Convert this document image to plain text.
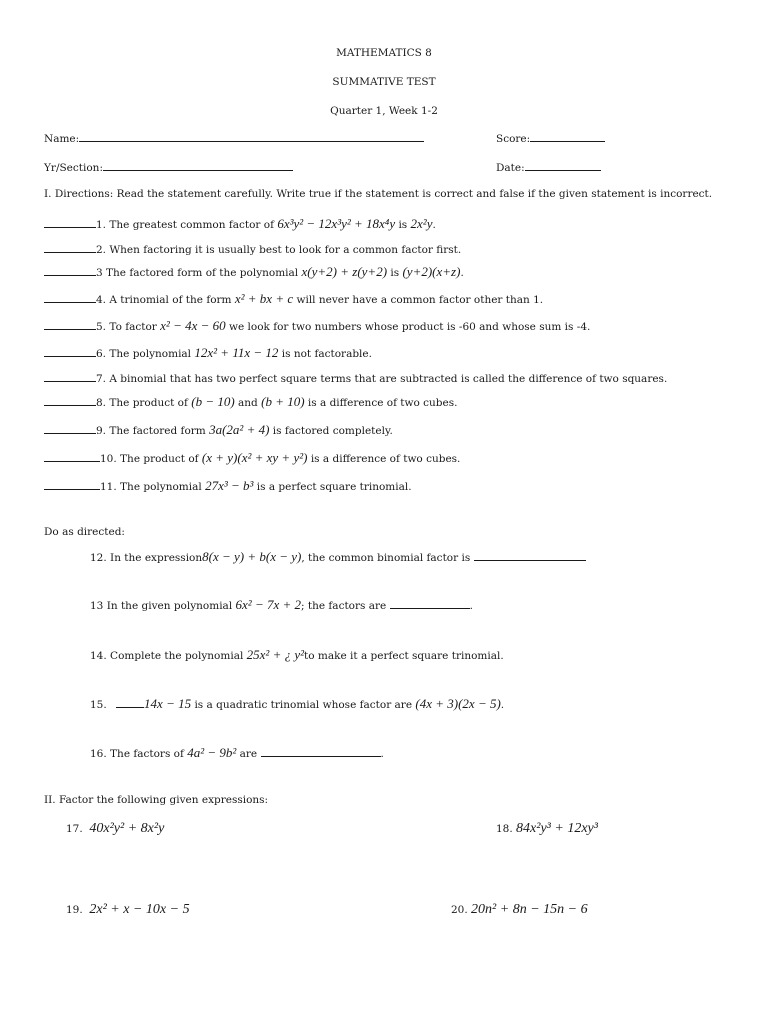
MATHEMATICS 8
SUMMATIVE TEST
Quarter 1, Week 1-2
Name:	Score:
Yr/Section:	Date:
I. Directions: Read the statement carefully. Write true if the statement is correct and false if the given statement is incorrect.
1. The greatest common factor of 6x³y² − 12x³y² + 18x⁴y is 2x²y.
2. When factoring it is usually best to look for a common factor first.
3 The factored form of the polynomial x(y+2) + z(y+2) is (y+2)(x+z).
4. A trinomial of the form x² + bx + c will never have a common factor other than 1.
5. To factor x² − 4x − 60 we look for two numbers whose product is -60 and whose sum is -4.
6. The polynomial 12x² + 11x − 12 is not factorable.
7. A binomial that has two perfect square terms that are subtracted is called the difference of two squares.
8. The product of (b − 10) and (b + 10) is a difference of two cubes.
9. The factored form 3a(2a² + 4) is factored completely.
10. The product of (x + y)(x² + xy + y²) is a difference of two cubes.
11. The polynomial 27x³ − b³ is a perfect square trinomial.
Do as directed:
12. In the expression8(x − y) + b(x − y), the common binomial factor is
13 In the given polynomial 6x² − 7x + 2; the factors are	.
14. Complete the polynomial 25x² + ¿ y²to make it a perfect square trinomial.
15.	14x − 15 is a quadratic trinomial whose factor are (4x + 3)(2x − 5).
16. The factors of 4a² − 9b² are	.
II. Factor the following given expressions:
17. 40x²y² + 8x²y	18. 84x²y³ + 12xy³
19. 2x² + x − 10x − 5	20. 20n² + 8n − 15n − 6
